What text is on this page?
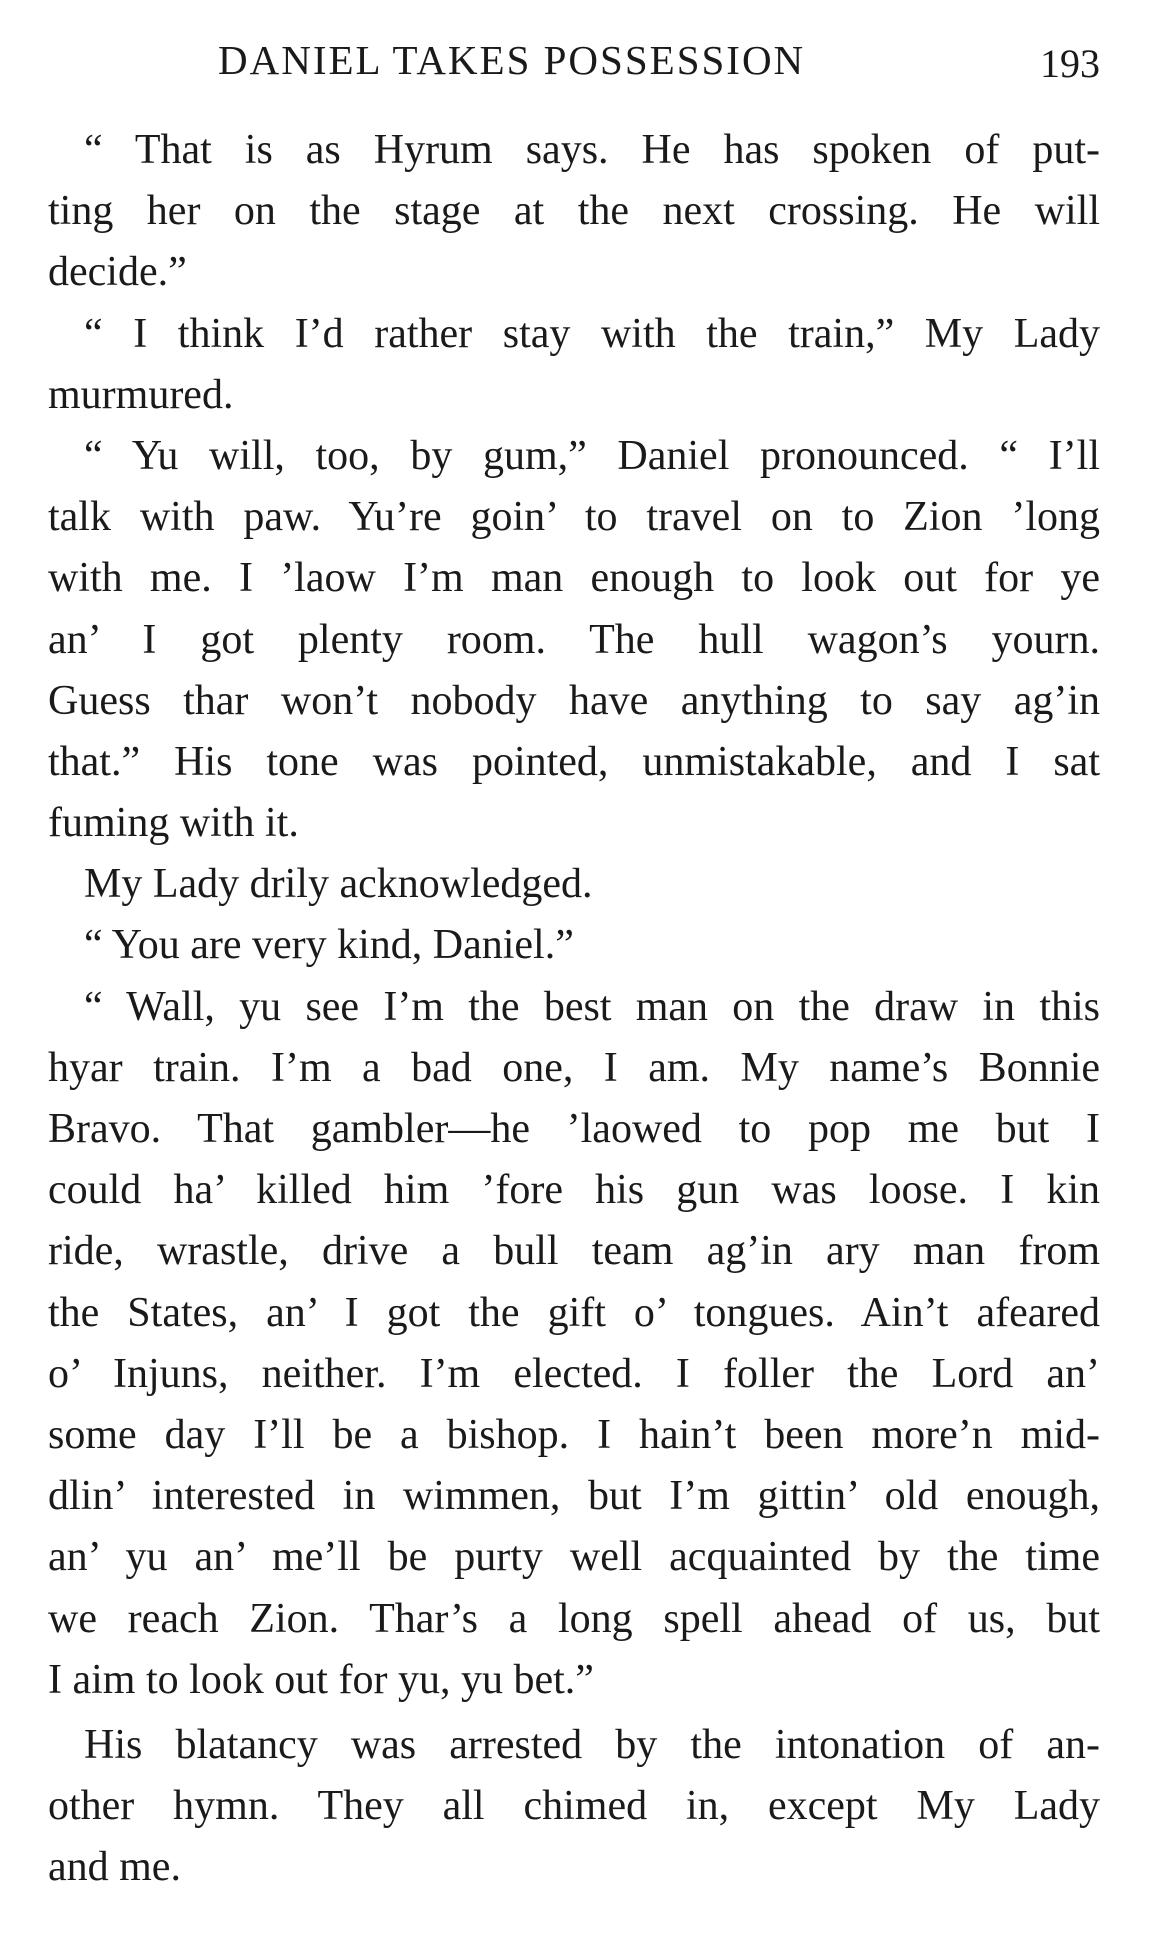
DANIEL TAKES POSSESSION	193
“ That is as Hyrum says. He has spoken of put-
ting her on the stage at the next crossing. He will
decide.”
“ I think I’d rather stay with the train,” My Lady
murmured.
“ Yu will, too, by gum,” Daniel pronounced. “ I’ll
talk with paw. Yu’re goin’ to travel on to Zion ’long
with me. I ’laow I’m man enough to look out for ye
an’ I got plenty room. The hull wagon’s yourn.
Guess thar won’t nobody have anything to say ag’in
that.” His tone was pointed, unmistakable, and I sat
fuming with it.
My Lady drily acknowledged.
“ You are very kind, Daniel.”
“ Wall, yu see I’m the best man on the draw in this
hyar train. I’m a bad one, I am. My name’s Bonnie
Bravo. That gambler—he ’laowed to pop me but I
could ha’ killed him ’fore his gun was loose. I kin
ride, wrastle, drive a bull team ag’in ary man from
the States, an’ I got the gift o’ tongues. Ain’t afeared
o’ Injuns, neither. I’m elected. I foller the Lord an’
some day I’ll be a bishop. I hain’t been more’n mid-
dlin’ interested in wimmen, but I’m gittin’ old enough,
an’ yu an’ me’ll be purty well acquainted by the time
we reach Zion. Thar’s a long spell ahead of us, but
I aim to look out for yu, yu bet.”
His blatancy was arrested by the intonation of an-
other hymn. They all chimed in, except My Lady
and me.
